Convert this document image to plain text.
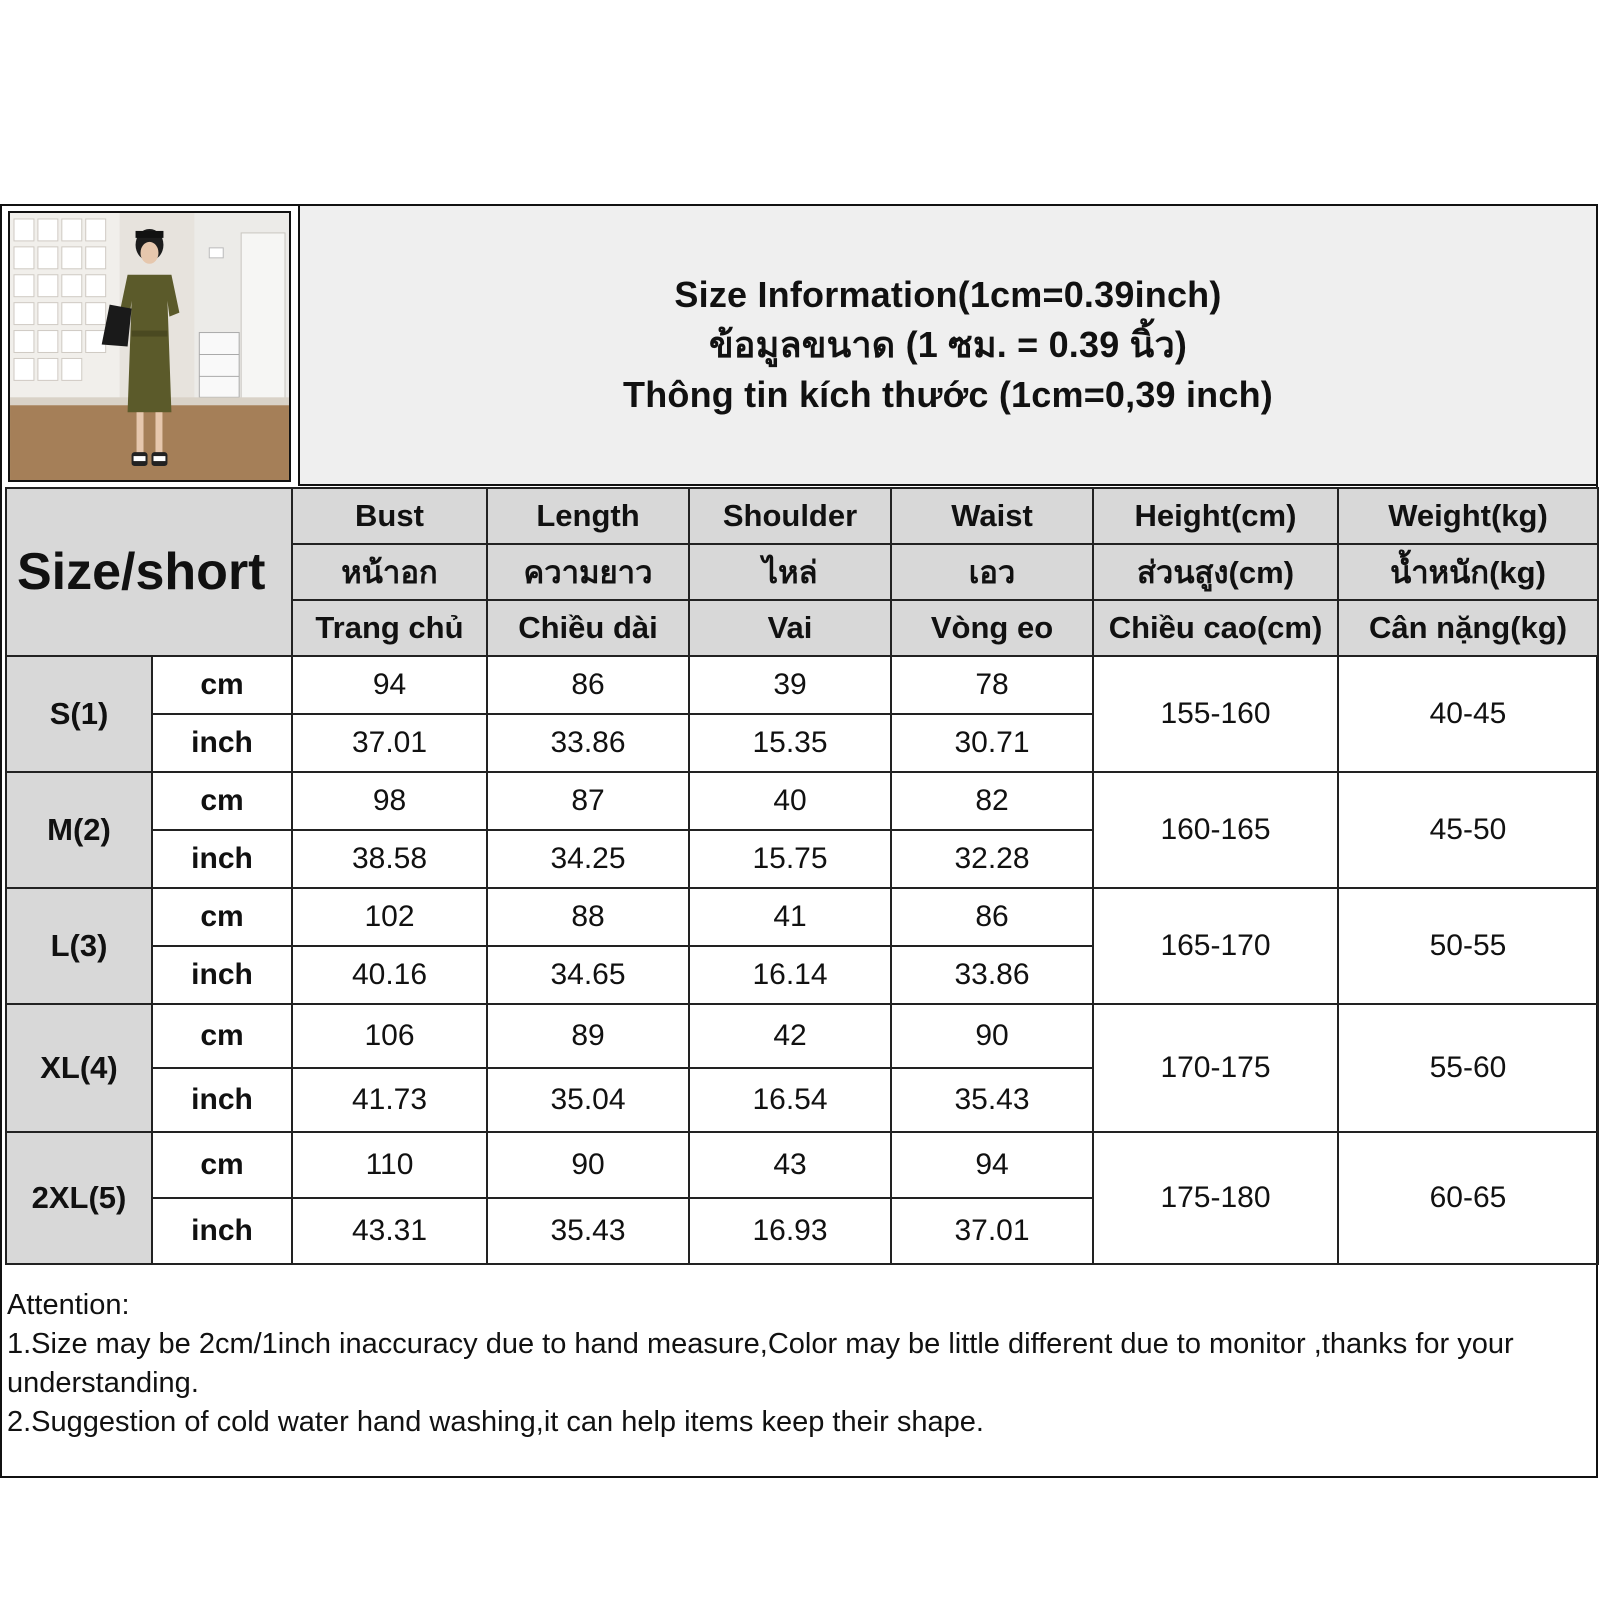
Size Information(1cm=0.39inch)
ข้อมูลขนาด (1 ซม. = 0.39 นิ้ว)
Thông tin kích thước (1cm=0,39 inch)
Size/short		Bust	Length	Shoulder	Waist	Height(cm)	Weight(kg)
		หน้าอก	ความยาว	ไหล่	เอว	ส่วนสูง(cm)	น้ำหนัก(kg)
		Trang chủ	Chiều dài	Vai	Vòng eo	Chiều cao(cm)	Cân nặng(kg)
S(1)	cm	94	86	39	78	155-160	40-45
	inch	37.01	33.86	15.35	30.71		
M(2)	cm	98	87	40	82	160-165	45-50
	inch	38.58	34.25	15.75	32.28		
L(3)	cm	102	88	41	86	165-170	50-55
	inch	40.16	34.65	16.14	33.86		
XL(4)	cm	106	89	42	90	170-175	55-60
	inch	41.73	35.04	16.54	35.43		
2XL(5)	cm	110	90	43	94	175-180	60-65
	inch	43.31	35.43	16.93	37.01		
Attention:
1.Size may be 2cm/1inch inaccuracy due to hand measure,Color may be little different due to monitor ,thanks for your understanding.
2.Suggestion of cold water hand washing,it can help items keep their shape.
